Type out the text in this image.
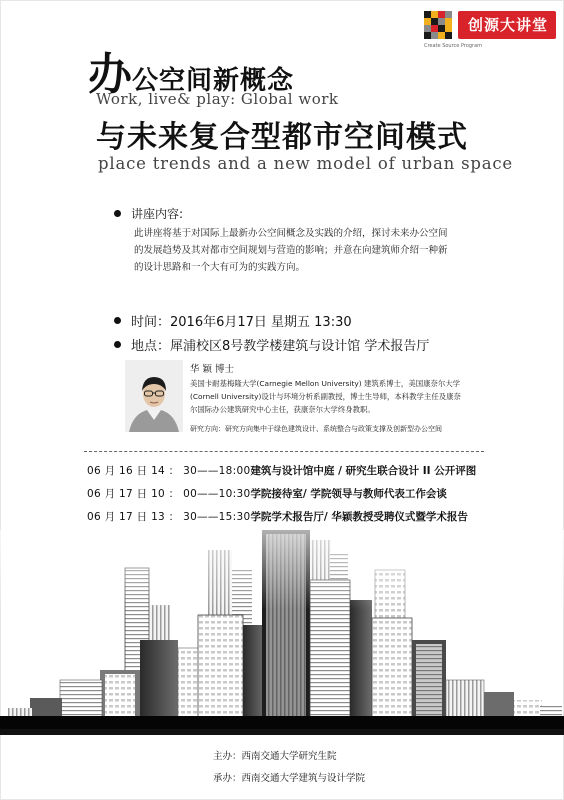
Create Source Program
创源大讲堂
办公空间新概念
Work, live& play: Global work
与未来复合型都市空间模式
place trends and a new model of urban space
讲座内容:

此讲座将基于对国际上最新办公空间概念及实践的介绍，探讨未来办公空间

的发展趋势及其对都市空间规划与营造的影响；并意在向建筑师介绍一种新

的设计思路和一个大有可为的实践方向。

时间：2016年6月17日 星期五 13:30
地点：犀浦校区8号教学楼建筑与设计馆 学术报告厅
华 颖 博士

美国卡耐基梅隆大学(Carnegie Mellon University) 建筑系博士，美国康奈尔大学

(Cornell University)设计与环境分析系副教授，博士生导师，本科教学主任及康奈

尔国际办公建筑研究中心主任，获康奈尔大学终身教职。

研究方向：研究方向集中于绿色建筑设计、系统整合与政策支撑及创新型办公空间
06 月 16 日 14 ： 30——18:00建筑与设计馆中庭 / 研究生联合设计 II 公开评图
06 月 17 日 10 ： 00——10:30学院接待室/ 学院领导与教师代表工作会谈
06 月 17 日 13 ： 30——15:30学院学术报告厅/ 华颖教授受聘仪式暨学术报告
主办：西南交通大学研究生院
承办：西南交通大学建筑与设计学院
